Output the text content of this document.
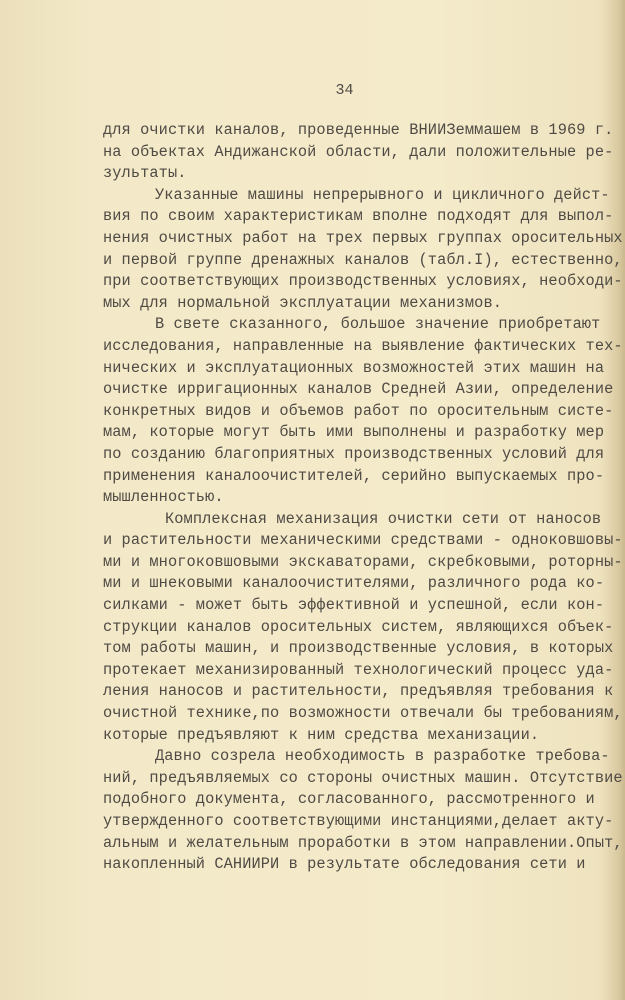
34
для очистки каналов, проведенные ВНИИЗеммашем в 1969 г.
на объектах Андижанской области, дали положительные ре-
зультаты.
Указанные машины непрерывного и цикличного дейст-
вия по своим характеристикам вполне подходят для выпол-
нения очистных работ на трех первых группах оросительных
и первой группе дренажных каналов (табл.I), естественно,
при соответствующих производственных условиях, необходи-
мых для нормальной эксплуатации механизмов.
В свете сказанного, большое значение приобретают
исследования, направленные на выявление фактических тех-
нических и эксплуатационных возможностей этих машин на
очистке ирригационных каналов Средней Азии, определение
конкретных видов и объемов работ по оросительным систе-
мам, которые могут быть ими выполнены и разработку мер
по созданию благоприятных производственных условий для
применения каналоочистителей, серийно выпускаемых про-
мышленностью.
Комплексная механизация очистки сети от наносов
и растительности механическими средствами - одноковшовы-
ми и многоковшовыми экскаваторами, скребковыми, роторны-
ми и шнековыми каналоочистителями, различного рода ко-
силками - может быть эффективной и успешной, если кон-
струкции каналов оросительных систем, являющихся объек-
том работы машин, и производственные условия, в которых
протекает механизированный технологический процесс уда-
ления наносов и растительности, предъявляя требования к
очистной технике,по возможности отвечали бы требованиям,
которые предъявляют к ним средства механизации.
Давно созрела необходимость в разработке требова-
ний, предъявляемых со стороны очистных машин. Отсутствие
подобного документа, согласованного, рассмотренного и
утвержденного соответствующими инстанциями,делает акту-
альным и желательным проработки в этом направлении.Опыт,
накопленный САНИИРИ в результате обследования сети и
